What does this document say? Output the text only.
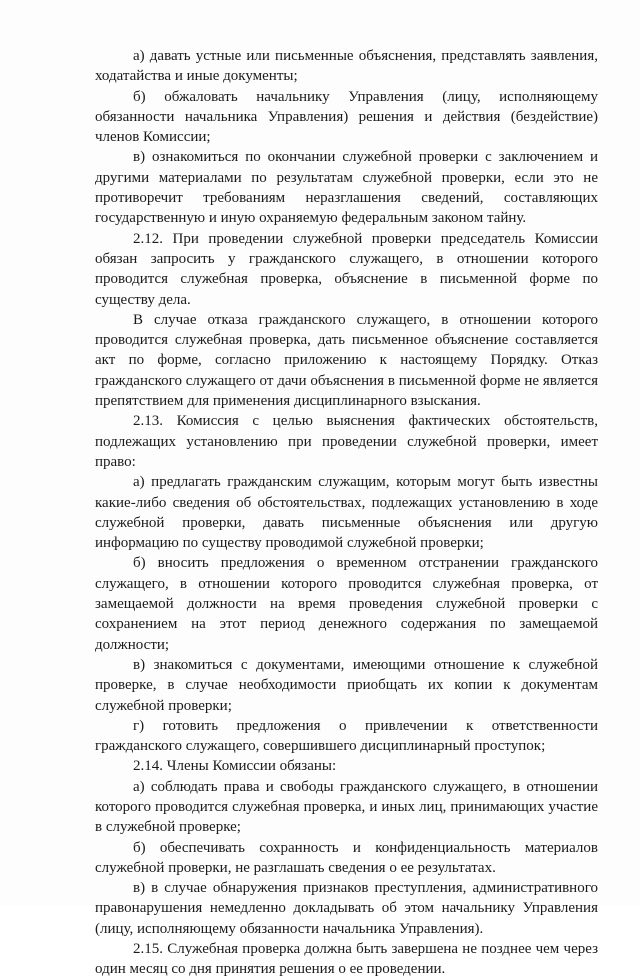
а) давать устные или письменные объяснения, представлять заявления, ходатайства и иные документы;

б) обжаловать начальнику Управления (лицу, исполняющему обязанности начальника Управления) решения и действия (бездействие) членов Комиссии;

в) ознакомиться по окончании служебной проверки с заключением и другими материалами по результатам служебной проверки, если это не противоречит требованиям неразглашения сведений, составляющих государственную и иную охраняемую федеральным законом тайну.

2.12. При проведении служебной проверки председатель Комиссии обязан запросить у гражданского служащего, в отношении которого проводится служебная проверка, объяснение в письменной форме по существу дела.

В случае отказа гражданского служащего, в отношении которого проводится служебная проверка, дать письменное объяснение составляется акт по форме, согласно приложению к настоящему Порядку. Отказ гражданского служащего от дачи объяснения в письменной форме не является препятствием для применения дисциплинарного взыскания.

2.13. Комиссия с целью выяснения фактических обстоятельств, подлежащих установлению при проведении служебной проверки, имеет право:

а) предлагать гражданским служащим, которым могут быть известны какие-либо сведения об обстоятельствах, подлежащих установлению в ходе служебной проверки, давать письменные объяснения или другую информацию по существу проводимой служебной проверки;

б) вносить предложения о временном отстранении гражданского служащего, в отношении которого проводится служебная проверка, от замещаемой должности на время проведения служебной проверки с сохранением на этот период денежного содержания по замещаемой должности;

в) знакомиться с документами, имеющими отношение к служебной проверке, в случае необходимости приобщать их копии к документам служебной проверки;

г) готовить предложения о привлечении к ответственности гражданского служащего, совершившего дисциплинарный проступок;

2.14. Члены Комиссии обязаны:

а) соблюдать права и свободы гражданского служащего, в отношении которого проводится служебная проверка, и иных лиц, принимающих участие в служебной проверке;

б) обеспечивать сохранность и конфиденциальность материалов служебной проверки, не разглашать сведения о ее результатах.

в) в случае обнаружения признаков преступления, административного правонарушения немедленно докладывать об этом начальнику Управления (лицу, исполняющему обязанности начальника Управления).

2.15. Служебная проверка должна быть завершена не позднее чем через один месяц со дня принятия решения о ее проведении.
